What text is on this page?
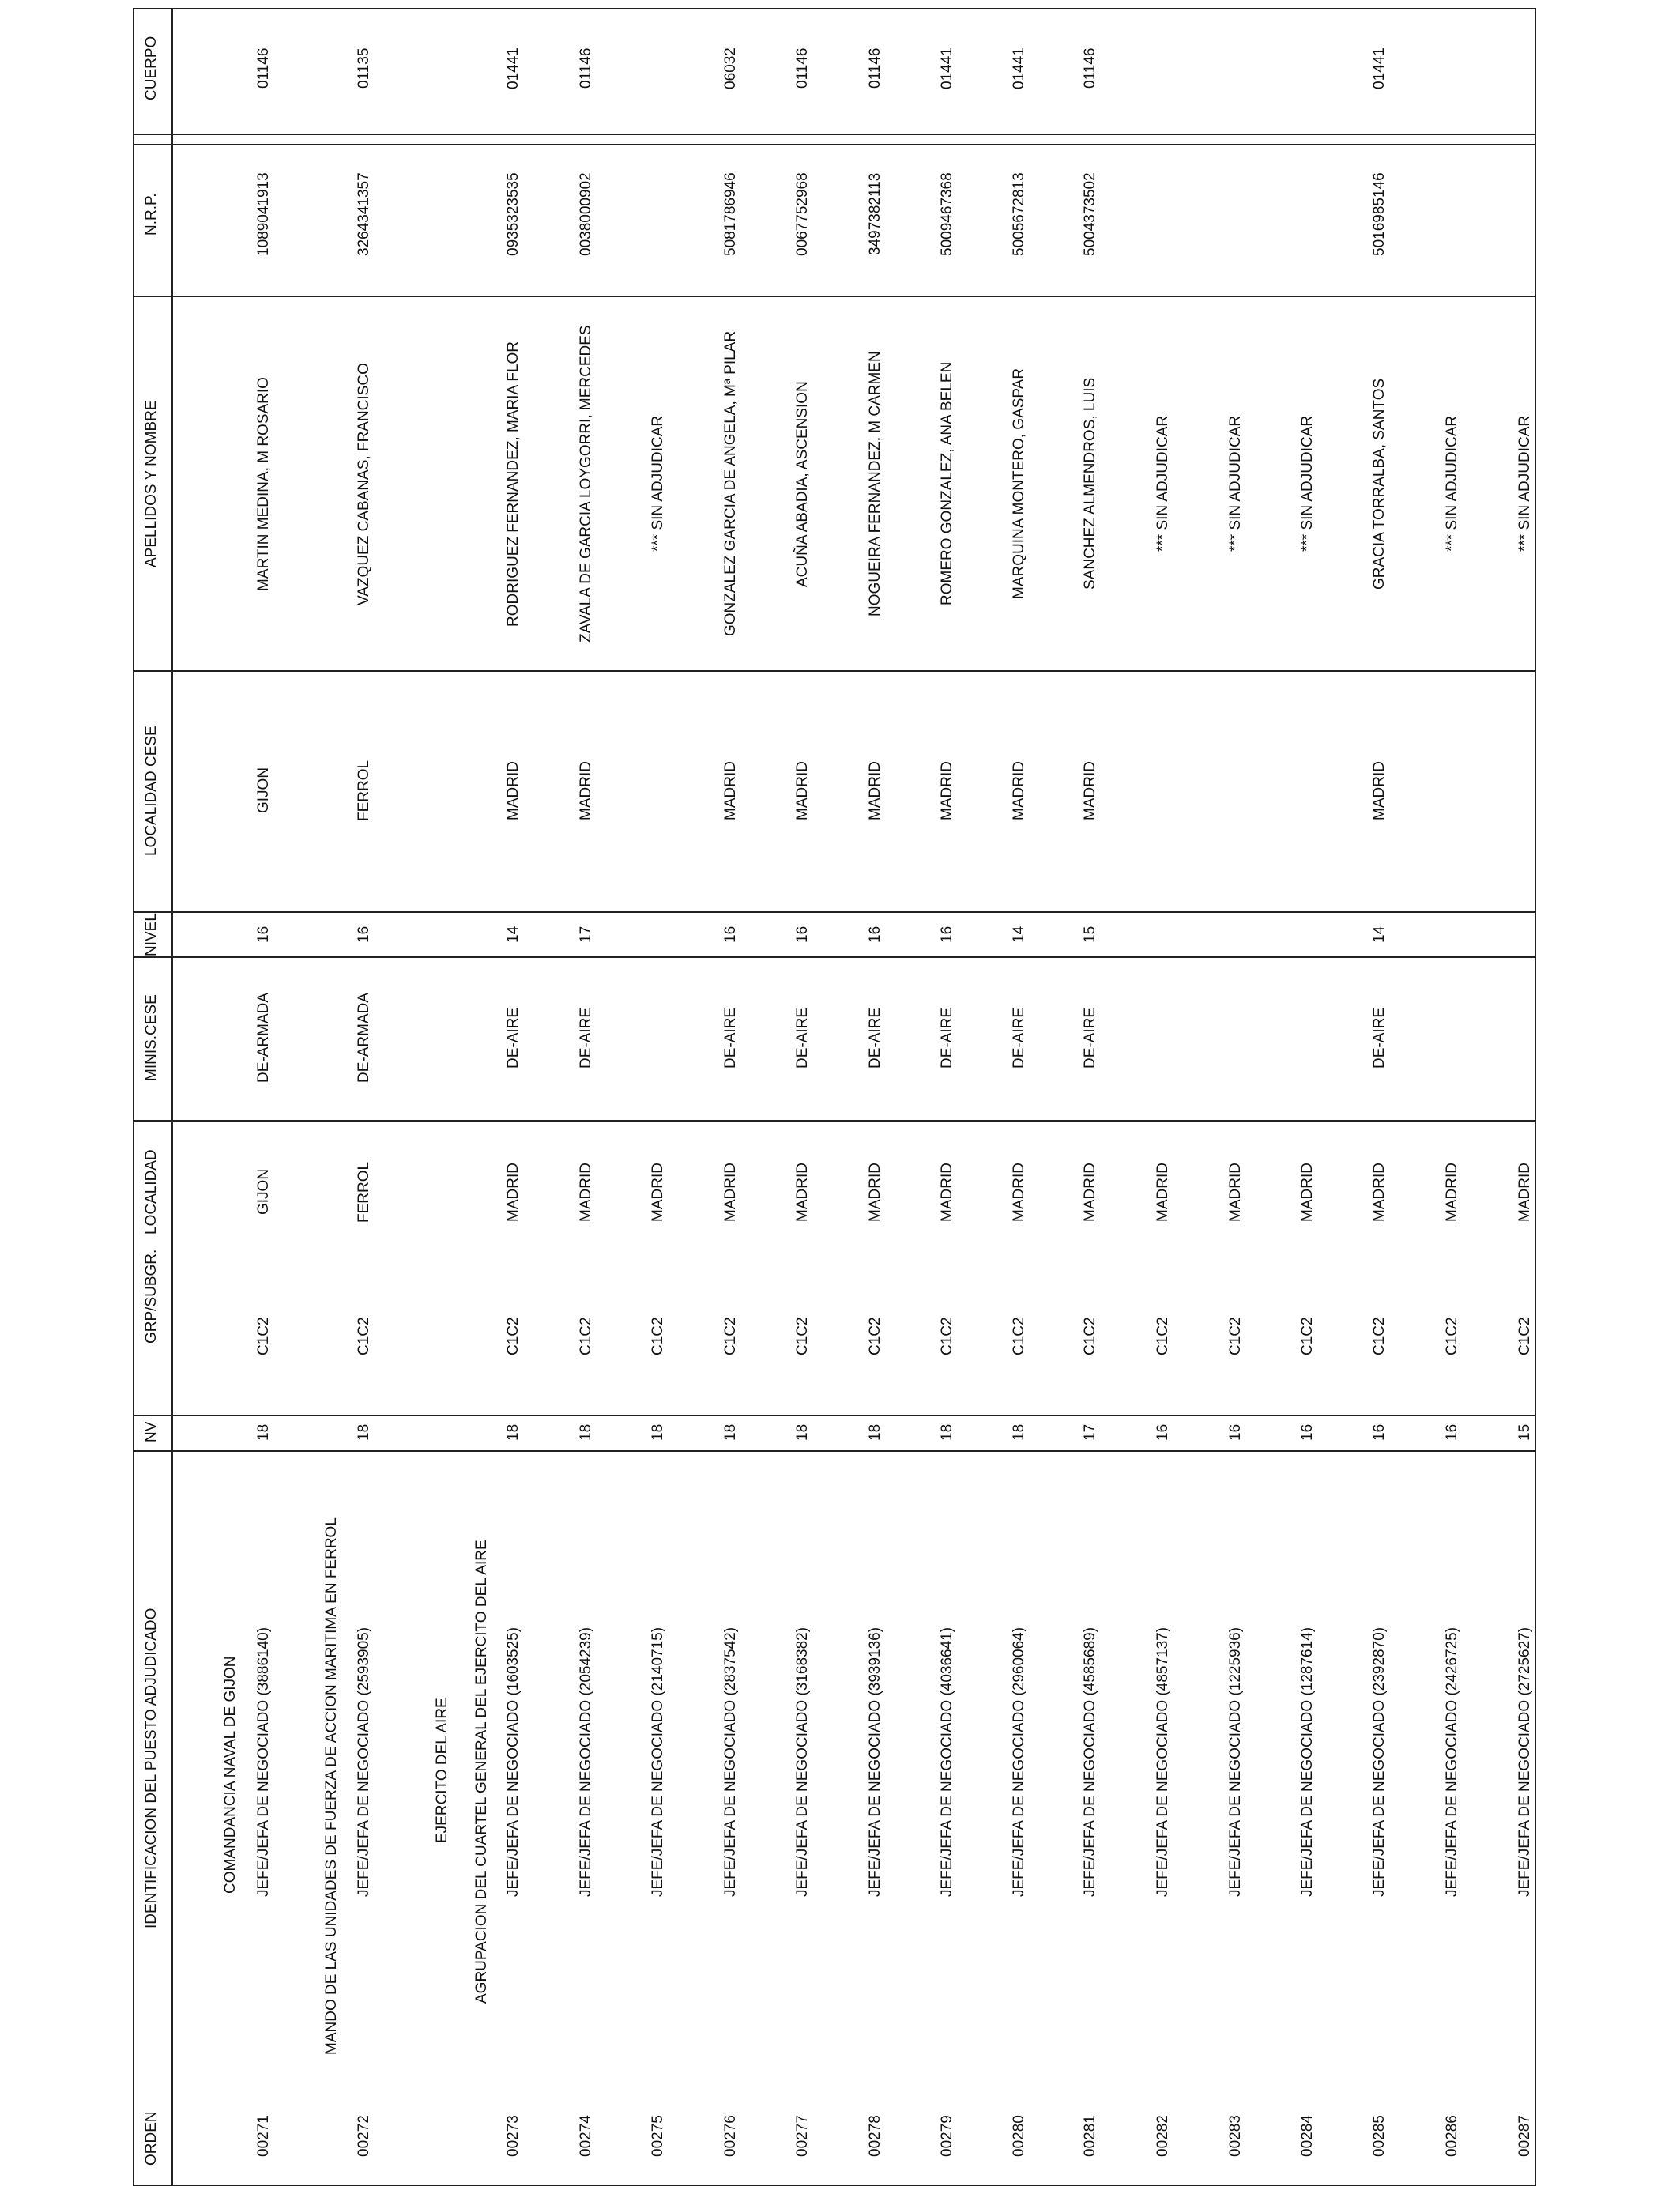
ORDEN
IDENTIFICACION DEL PUESTO ADJUDICADO
NV
GRP/SUBGR.
LOCALIDAD
MINIS.CESE
NIVEL
LOCALIDAD CESE
APELLIDOS Y NOMBRE
N.R.P.
CUERPO
COMANDANCIA NAVAL DE GIJON	MANDO DE LAS UNIDADES DE FUERZA DE ACCION MARITIMA EN FERROL	EJERCITO DEL AIRE AGRUPACION DEL CUARTEL GENERAL DEL EJERCITO DEL AIRE
00271
JEFE/JEFA DE NEGOCIADO (3886140)
18
C1C2
GIJON
DE-ARMADA
16
GIJON
MARTIN MEDINA, M ROSARIO
1089041913
01146
00272
JEFE/JEFA DE NEGOCIADO (2593905)
18
C1C2
FERROL
DE-ARMADA
16
FERROL
VAZQUEZ CABANAS, FRANCISCO
3264341357
01135
00273
JEFE/JEFA DE NEGOCIADO (1603525)
18
C1C2
MADRID
DE-AIRE
14
MADRID
RODRIGUEZ FERNANDEZ, MARIA FLOR
0935323535
01441
00274
JEFE/JEFA DE NEGOCIADO (2054239)
18
C1C2
MADRID
DE-AIRE
17
MADRID
ZAVALA DE GARCIA LOYGORRI, MERCEDES
0038000902
01146
00275
JEFE/JEFA DE NEGOCIADO (2140715)
18
C1C2
MADRID
*** SIN ADJUDICAR
00276
JEFE/JEFA DE NEGOCIADO (2837542)
18
C1C2
MADRID
DE-AIRE
16
MADRID
GONZALEZ GARCIA DE ANGELA, Mª PILAR
5081786946
06032
00277
JEFE/JEFA DE NEGOCIADO (3168382)
18
C1C2
MADRID
DE-AIRE
16
MADRID
ACUÑA ABADIA, ASCENSION
0067752968
01146
00278
JEFE/JEFA DE NEGOCIADO (3939136)
18
C1C2
MADRID
DE-AIRE
16
MADRID
NOGUEIRA FERNANDEZ, M CARMEN
3497382113
01146
00279
JEFE/JEFA DE NEGOCIADO (4036641)
18
C1C2
MADRID
DE-AIRE
16
MADRID
ROMERO GONZALEZ, ANA BELEN
5009467368
01441
00280
JEFE/JEFA DE NEGOCIADO (2960064)
18
C1C2
MADRID
DE-AIRE
14
MADRID
MARQUINA MONTERO, GASPAR
5005672813
01441
00281
JEFE/JEFA DE NEGOCIADO (4585689)
17
C1C2
MADRID
DE-AIRE
15
MADRID
SANCHEZ ALMENDROS, LUIS
5004373502
01146
00282
JEFE/JEFA DE NEGOCIADO (4857137)
16
C1C2
MADRID
*** SIN ADJUDICAR
00283
JEFE/JEFA DE NEGOCIADO (1225936)
16
C1C2
MADRID
*** SIN ADJUDICAR
00284
JEFE/JEFA DE NEGOCIADO (1287614)
16
C1C2
MADRID
*** SIN ADJUDICAR
00285
JEFE/JEFA DE NEGOCIADO (2392870)
16
C1C2
MADRID
DE-AIRE
14
MADRID
GRACIA TORRALBA, SANTOS
5016985146
01441
00286
JEFE/JEFA DE NEGOCIADO (2426725)
16
C1C2
MADRID
*** SIN ADJUDICAR
00287
JEFE/JEFA DE NEGOCIADO (2725627)
15
C1C2
MADRID
*** SIN ADJUDICAR
